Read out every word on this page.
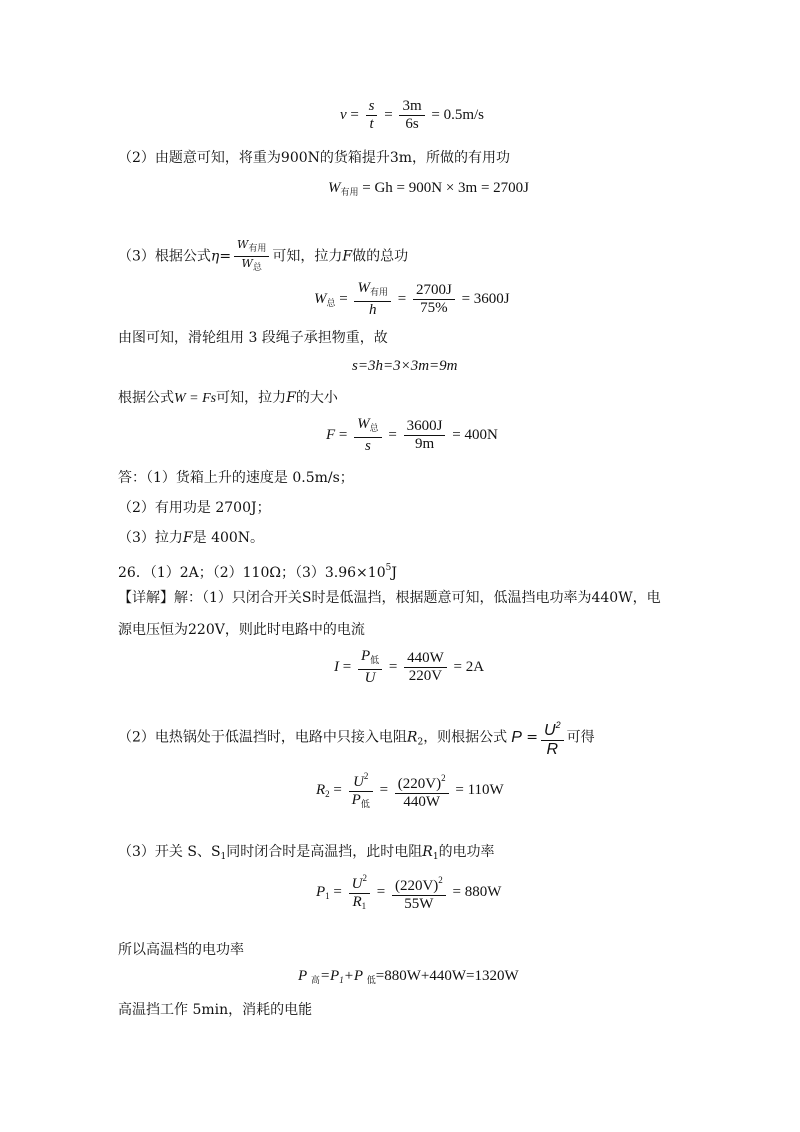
$v = \frac{s}{t} = \frac{3m}{6s} = 0.5m/s$
（2）由题意可知，将重为900N的货箱提升3m，所做的有用功
$W_{有用} = Gh = 900N \times 3m = 2700J$
（3）根据公式$\eta= \frac{W_{有用}}{W_总}$ 可知，拉力F做的总功
$W_总 = \frac{W_{有用}}{h} = \frac{2700J}{75\%} = 3600J$
由图可知，滑轮组用 3 段绳子承担物重，故
s=3h=3×3m=9m
根据公式W = Fs可知，拉力F的大小
$F = \frac{W_总}{s} = \frac{3600J}{9m} = 400N$
答：（1）货箱上升的速度是 0.5m/s；
（2）有用功是 2700J；
（3）拉力F是 400N。
26．（1）2A；（2）110Ω；$(3)3.96\times 10^5J$
【详解】解：（1）只闭合开关S时是低温挡，根据题意可知，低温挡电功率为440W，电
源电压恒为220V，则此时电路中的电流
$I = \frac{P_低}{U} = \frac{440W}{220V} = 2A$
（2）电热锅处于低温挡时，电路中只接入电阻$R_2$，则根据公式 $P = \frac{U^2}{R}$ 可得
$R_2 = \frac{U^2}{P_低} = \frac{(220V)^2}{440W} = 110W$
（3）开关 S、$S_1$同时闭合时是高温挡，此时电阻$R_1$的电功率
$P_1 = \frac{U^2}{R_1} = \frac{(220V)^2}{55W} = 880W$
所以高温档的电功率
P $_高=P_1+P$ $_低$=880W+440W=1320W
高温挡工作 5min，消耗的电能
